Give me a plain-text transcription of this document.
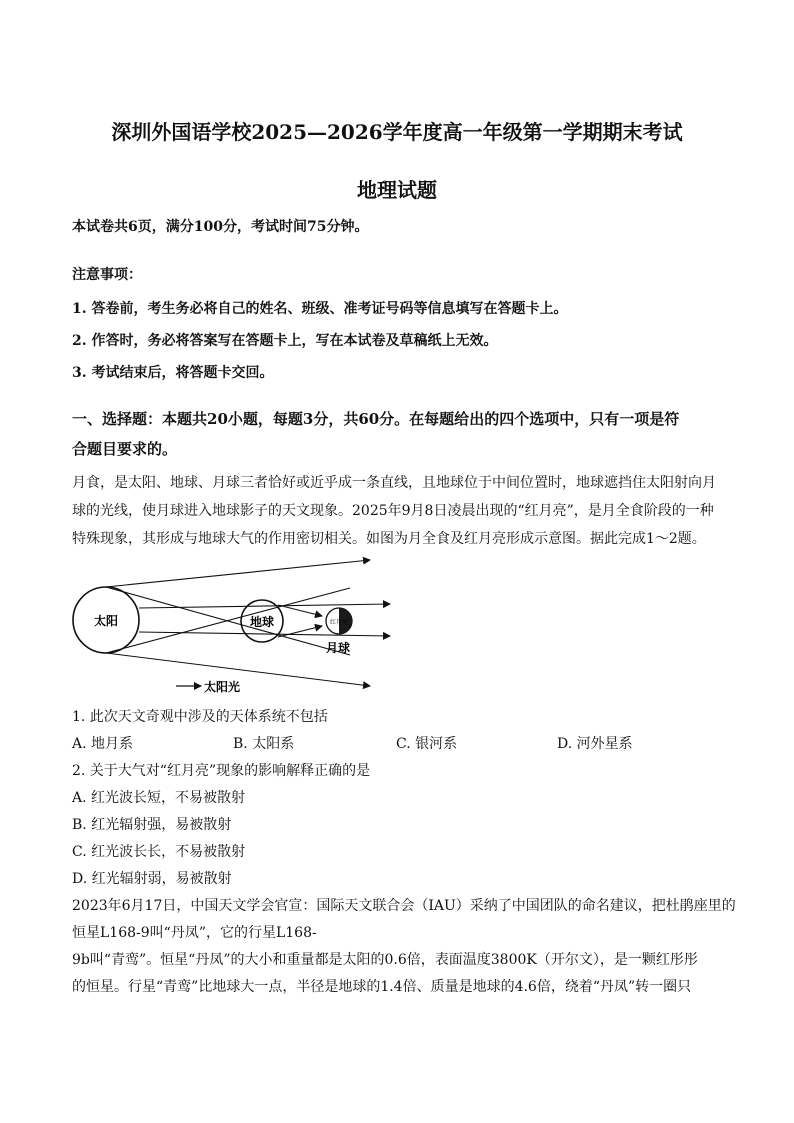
深圳外国语学校2025—2026学年度高一年级第一学期期末考试
地理试题
本试卷共6页，满分100分，考试时间75分钟。
注意事项：
1. 答卷前，考生务必将自己的姓名、班级、准考证号码等信息填写在答题卡上。
2. 作答时，务必将答案写在答题卡上，写在本试卷及草稿纸上无效。
3. 考试结束后，将答题卡交回。
一、选择题：本题共20小题，每题3分，共60分。在每题给出的四个选项中，只有一项是符
合题目要求的。
月食，是太阳、地球、月球三者恰好或近乎成一条直线，且地球位于中间位置时，地球遮挡住太阳射向月
球的光线，使月球进入地球影子的天文现象。2025年9月8日凌晨出现的“红月亮”，是月全食阶段的一种
特殊现象，其形成与地球大气的作用密切相关。如图为月全食及红月亮形成示意图。据此完成1～2题。
红月亮
太阳	地球
月球
太阳光
1. 此次天文奇观中涉及的天体系统不包括
A. 地月系	B. 太阳系	C. 银河系	D. 河外星系
2. 关于大气对“红月亮”现象的影响解释正确的是
A. 红光波长短，不易被散射
B. 红光辐射强，易被散射
C. 红光波长长，不易被散射
D. 红光辐射弱，易被散射
2023年6月17日，中国天文学会官宣：国际天文联合会（IAU）采纳了中国团队的命名建议，把杜鹃座里的
恒星L168-9叫“丹凤”，它的行星L168-
9b叫“青鸾”。恒星“丹凤”的大小和重量都是太阳的0.6倍，表面温度3800K（开尔文），是一颗红彤彤
的恒星。行星“青鸾”比地球大一点，半径是地球的1.4倍、质量是地球的4.6倍，绕着“丹凤”转一圈只
